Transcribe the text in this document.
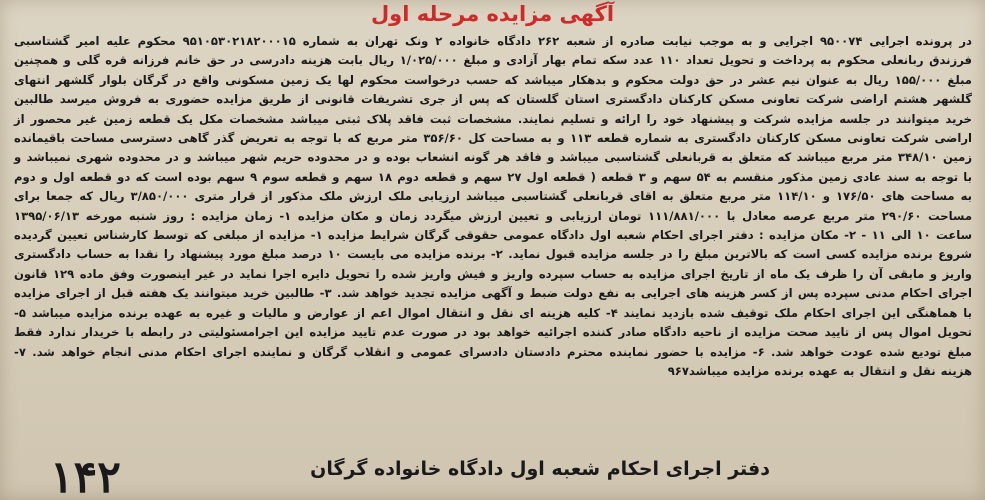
آگهی مزایده مرحله اول
در پرونده اجرایی ۹۵۰۰۷۴ اجرایی و به موجب نیابت صادره از شعبه ۲۶۲ دادگاه خانواده ۲ ونک تهران به شماره ۹۵۱۰۵۳۰۲۱۸۲۰۰۰۱۵ محکوم علیه امیر گشتاسبی فرزندق ربانعلی محکوم به پرداخت و تحویل تعداد ۱۱۰ عدد سکه تمام بهار آزادی و مبلغ ۱/۰۲۵/۰۰۰ ریال بابت هزینه دادرسی در حق خانم فرزانه قره گلی و همچنین مبلغ ۱۵۵/۰۰۰ ریال به عنوان نیم عشر در حق دولت محکوم و بدهکار میباشد که حسب درخواست محکوم لها یک زمین مسکونی واقع در گرگان بلوار گلشهر انتهای گلشهر هشتم اراضی شرکت تعاونی مسکن کارکنان دادگستری استان گلستان که پس از جری تشریفات قانونی از طریق مزایده حضوری به فروش میرسد طالبین خرید میتوانند در جلسه مزایده شرکت و پیشنهاد خود را ارائه و تسلیم نمایند. مشخصات ثبت فاقد پلاک ثبتی میباشد مشخصات مکل یک قطعه زمین غیر محصور از اراضی شرکت تعاونی مسکن کارکنان دادگستری به شماره قطعه ۱۱۳ و به مساحت کل ۳۵۶/۶۰ متر مربع که با توجه به تعریض گذر گاهی دسترسی مساحت باقیمانده زمین ۳۴۸/۱۰ متر مربع میباشد که متعلق به قربانعلی گشتاسبی میباشد و فاقد هر گونه انشعاب بوده و در محدوده حریم شهر میباشد و در محدوده شهری نمیباشد و با توجه به سند عادی زمین مذکور منقسم به ۵۴ سهم و ۳ قطعه ( قطعه اول ۲۷ سهم و قطعه دوم ۱۸ سهم و قطعه سوم ۹ سهم بوده است که دو قطعه اول و دوم به مساحت های ۱۷۶/۵۰ و ۱۱۴/۱۰ متر مربع متعلق به اقای قربانعلی گشتاسبی میباشد ارزیابی ملک ارزش ملک مذکور از قرار متری ۳/۸۵۰/۰۰۰ ریال که جمعا برای مساحت ۲۹۰/۶۰ متر مربع عرصه معادل با ۱۱۱/۸۸۱/۰۰۰ تومان ارزیابی و تعیین ارزش میگردد زمان و مکان مزایده ۱- زمان مزایده : روز شنبه مورخه ۱۳۹۵/۰۶/۱۳ ساعت ۱۰ الی ۱۱ - ۲- مکان مزایده : دفتر اجرای احکام شعبه اول دادگاه عمومی حقوقی گرگان شرایط مزایده ۱- مزایده از مبلغی که توسط کارشناس تعیین گردیده شروع برنده مزایده کسی است که بالاترین مبلغ را در جلسه مزایده قبول نماید. ۲- برنده مزایده می بایست ۱۰ درصد مبلغ مورد پیشنهاد را نقدا به حساب دادگستری واریز و مابقی آن را ظرف یک ماه از تاریخ اجرای مزایده به حساب سپرده واریز و فیش واریز شده را تحویل دایره اجرا نماید در غیر اینصورت وفق ماده ۱۲۹ قانون اجرای احکام مدنی سپرده پس از کسر هزینه های اجرایی به نفع دولت ضبط و آگهی مزایده تجدید خواهد شد. ۳- طالبین خرید میتوانند یک هفته قبل از اجرای مزایده با هماهنگی این اجرای احکام ملک توقیف شده بازدید نمایند ۴- کلیه هزینه ای نقل و انتقال اموال اعم از عوارض و مالیات و غیره به عهده برنده مزایده میباشد ۵- تحویل اموال پس از تایید صحت مزایده از ناحیه دادگاه صادر کننده اجرائیه خواهد بود در صورت عدم تایید مزایده این اجرامسئولیتی در رابطه با خریدار ندارد فقط مبلغ تودیع شده عودت خواهد شد. ۶- مزایده با حضور نماینده محترم دادستان دادسرای عمومی و انقلاب گرگان و نماینده اجرای احکام مدنی انجام خواهد شد. ۷- هزینه نقل و انتقال به عهده برنده مزایده میباشد۹۶۷
دفتر اجرای احکام شعبه اول دادگاه خانواده گرگان
۱۴۲
